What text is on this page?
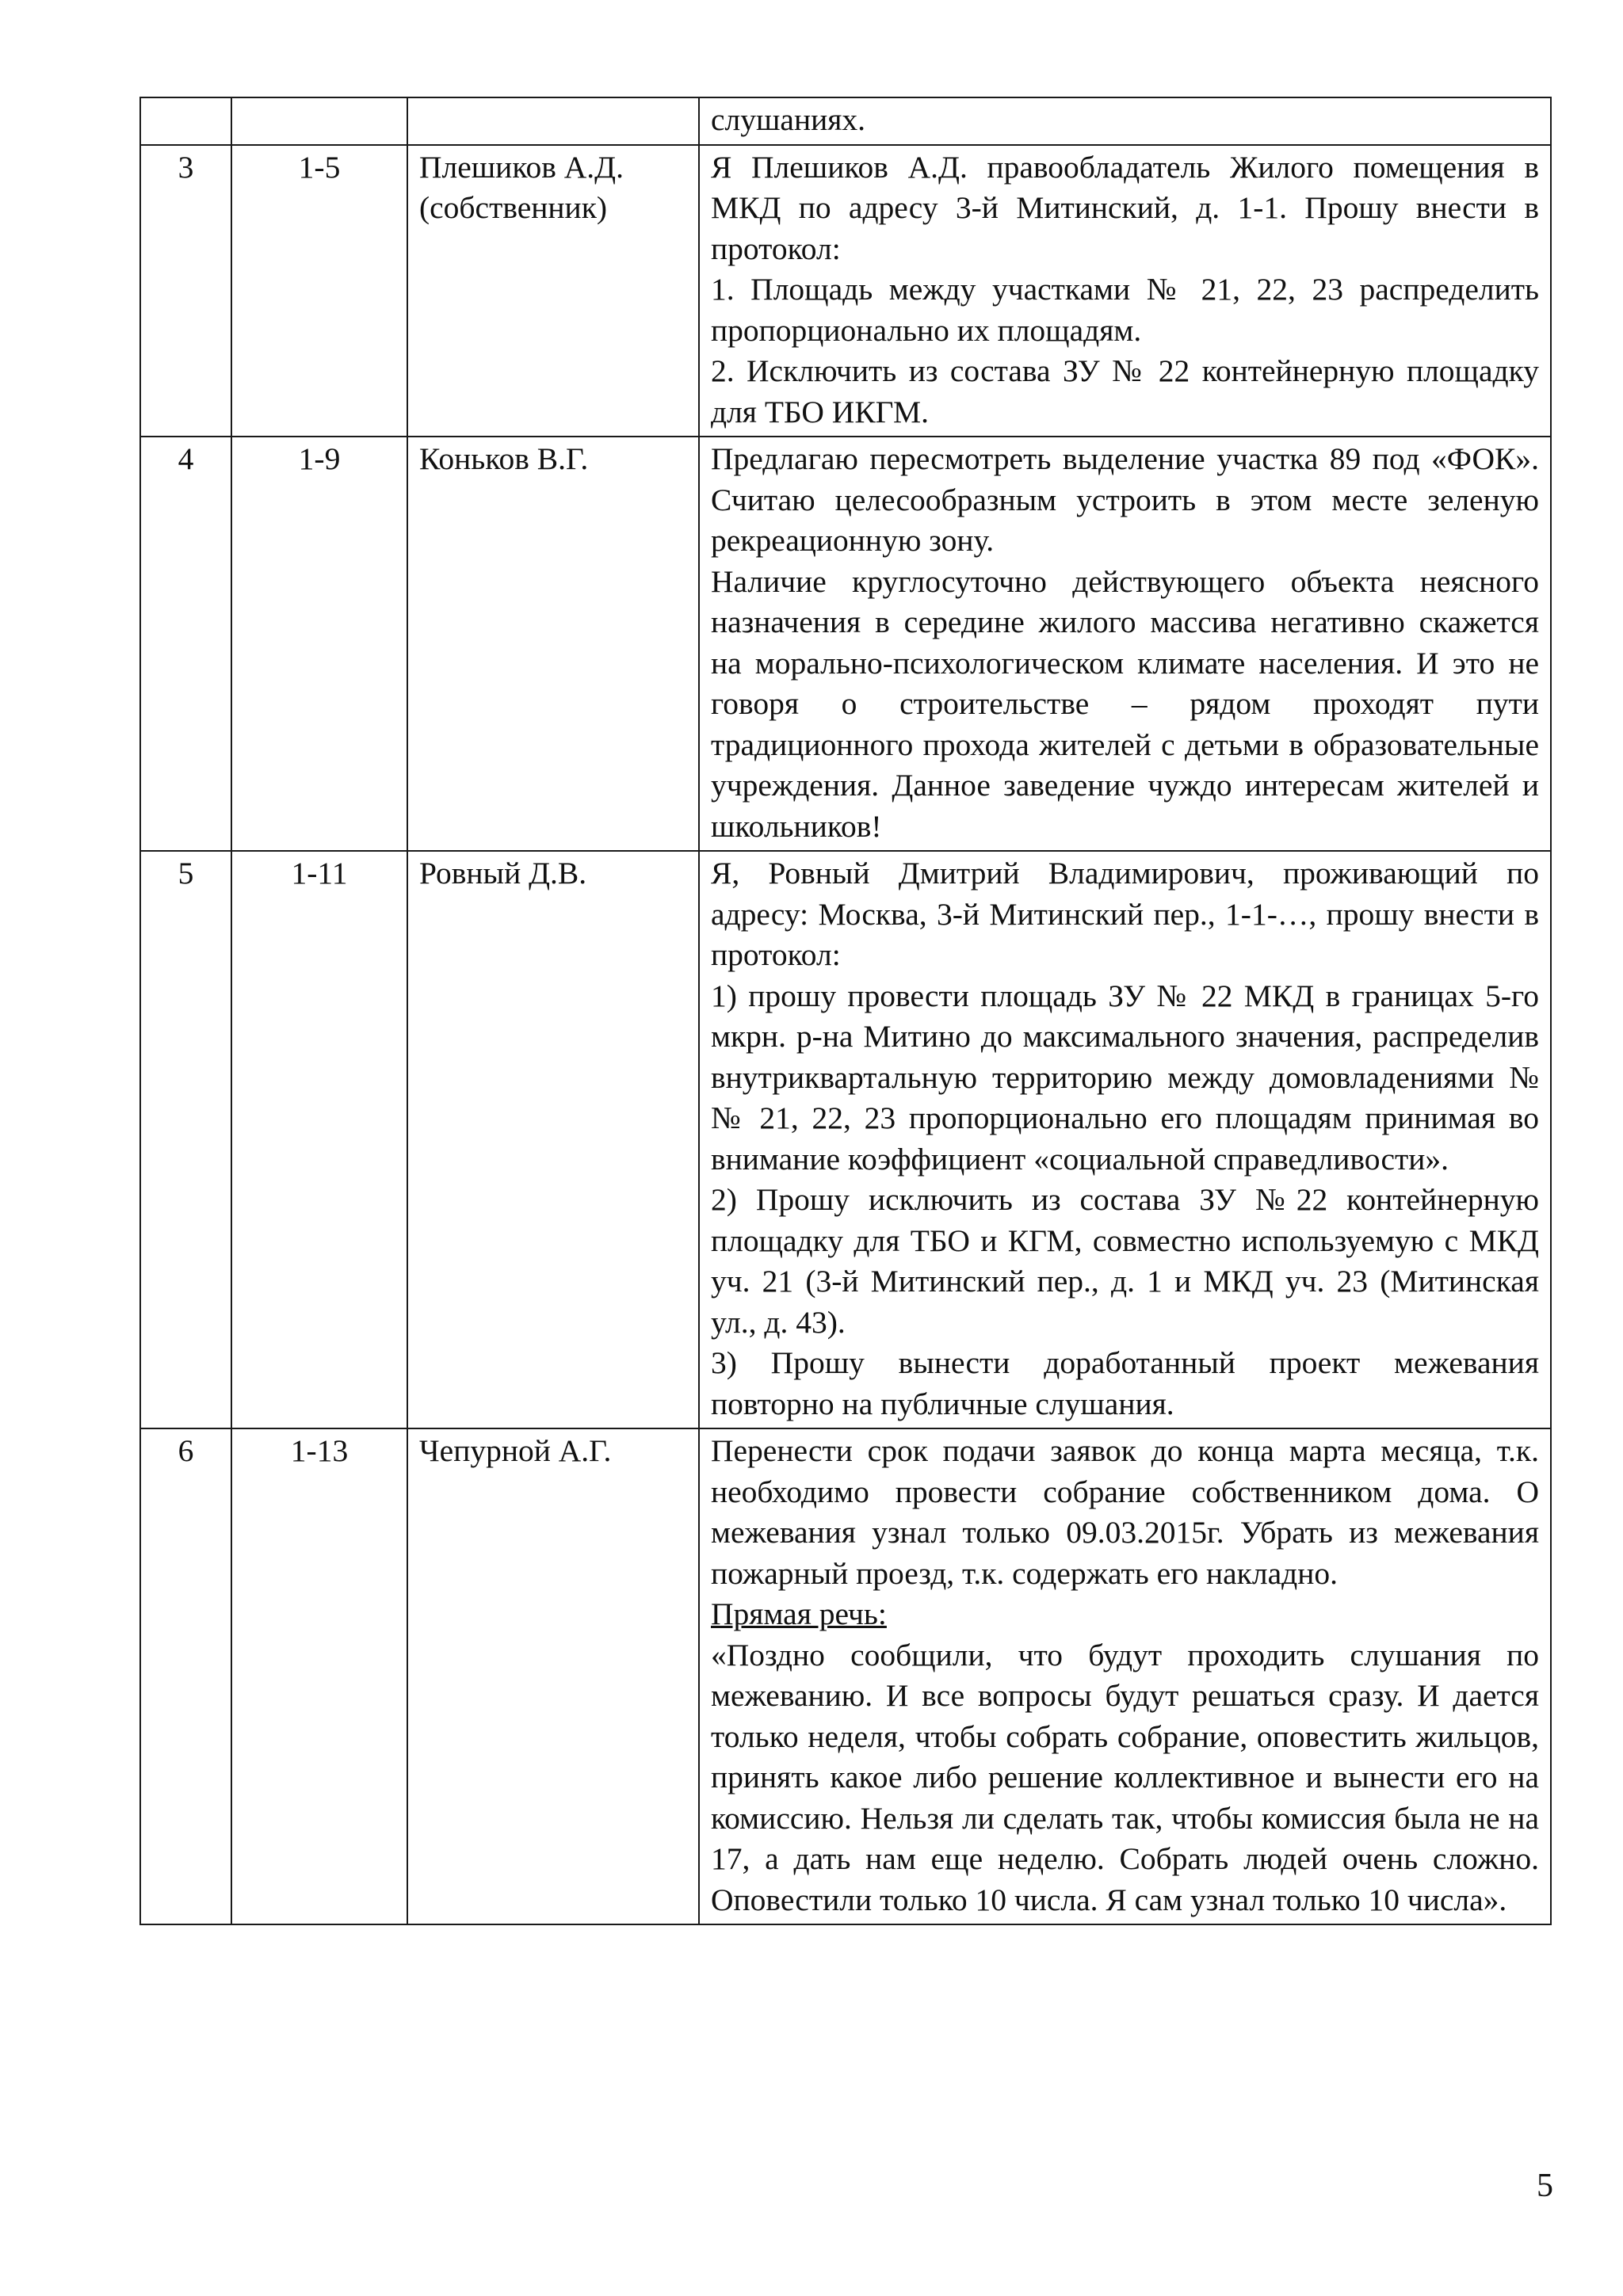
			слушаниях.

3	1-5	Плешиков А.Д. (собственник)	Я Плешиков А.Д. правообладатель Жилого помещения в МКД по адресу 3-й Митинский, д. 1-1. Прошу внести в протокол:

1. Площадь между участками № 21, 22, 23 распределить пропорционально их площадям.

2. Исключить из состава ЗУ № 22 контейнерную площадку для ТБО ИКГМ.

4	1-9	Коньков В.Г.	Предлагаю пересмотреть выделение участка 89 под «ФОК». Считаю целесообразным устроить в этом месте зеленую рекреационную зону.

Наличие круглосуточно действующего объекта неясного назначения в середине жилого массива негативно скажется на морально-психологическом климате населения. И это не говоря о строительстве – рядом проходят пути традиционного прохода жителей с детьми в образовательные учреждения. Данное заведение чуждо интересам жителей и школьников!

5	1-11	Ровный Д.В.	Я, Ровный Дмитрий Владимирович, проживающий по адресу: Москва, 3-й Митинский пер., 1-1-…, прошу внести в протокол:

1) прошу провести площадь ЗУ № 22 МКД в границах 5-го мкрн. р-на Митино до максимального значения, распределив внутриквартальную территорию между домовладениями №№ 21, 22, 23 пропорционально его площадям принимая во внимание коэффициент «социальной справедливости».

2) Прошу исключить из состава ЗУ №22 контейнерную площадку для ТБО и КГМ, совместно используемую с МКД уч. 21 (3-й Митинский пер., д. 1 и МКД уч. 23 (Митинская ул., д. 43).

3) Прошу вынести доработанный проект межевания повторно на публичные слушания.

6	1-13	Чепурной А.Г.	Перенести срок подачи заявок до конца марта месяца, т.к. необходимо провести собрание собственником дома. О межевания узнал только 09.03.2015г. Убрать из межевания пожарный проезд, т.к. содержать его накладно.

Прямая речь:

«Поздно сообщили, что будут проходить слушания по межеванию. И все вопросы будут решаться сразу. И дается только неделя, чтобы собрать собрание, оповестить жильцов, принять какое либо решение коллективное и вынести его на комиссию. Нельзя ли сделать так, чтобы комиссия была не на 17, а дать нам еще неделю. Собрать людей очень сложно. Оповестили только 10 числа. Я сам узнал только 10 числа».

5
